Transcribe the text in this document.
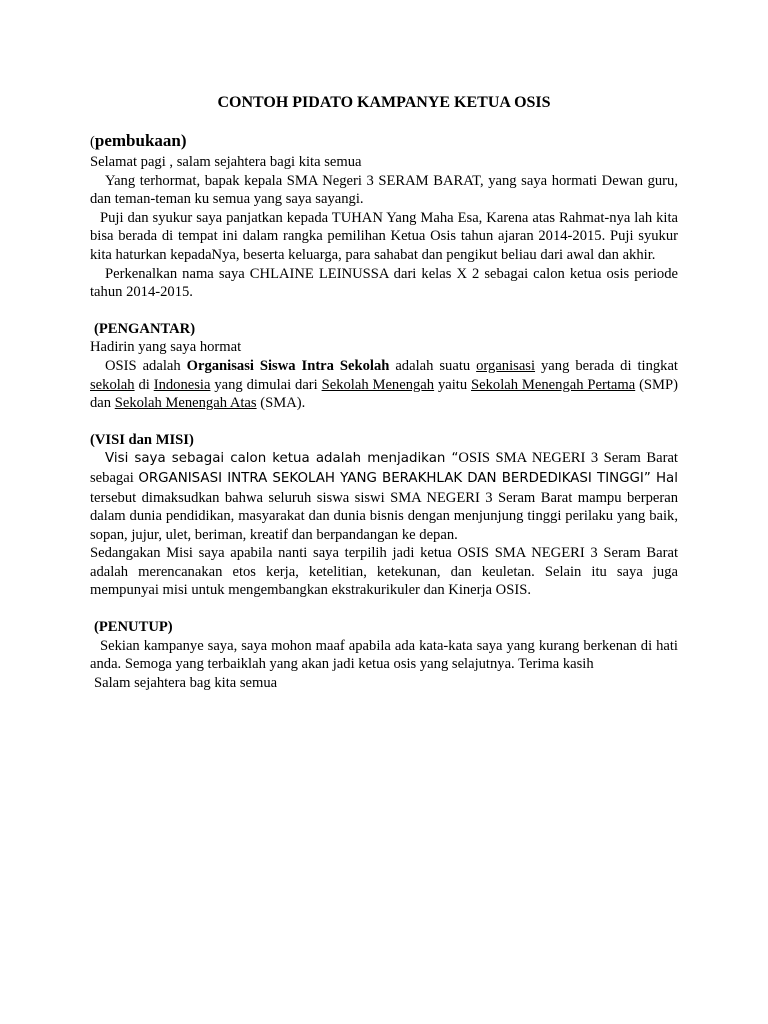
CONTOH PIDATO KAMPANYE KETUA OSIS

(pembukaan)

Selamat pagi , salam sejahtera bagi kita semua

Yang terhormat, bapak kepala SMA Negeri 3 SERAM BARAT, yang saya hormati Dewan guru, dan teman-teman ku semua yang saya sayangi.

Puji dan syukur saya panjatkan kepada TUHAN Yang Maha Esa, Karena atas Rahmat-nya lah kita bisa berada di tempat ini dalam rangka pemilihan Ketua Osis tahun ajaran 2014-2015. Puji syukur kita haturkan kepadaNya, beserta keluarga, para sahabat dan pengikut beliau dari awal dan akhir.

Perkenalkan nama saya CHLAINE LEINUSSA dari kelas X 2 sebagai calon ketua osis periode tahun 2014-2015.

(PENGANTAR)

Hadirin yang saya hormat

OSIS adalah Organisasi Siswa Intra Sekolah adalah suatu organisasi yang berada di tingkat sekolah di Indonesia yang dimulai dari Sekolah Menengah yaitu Sekolah Menengah Pertama (SMP) dan Sekolah Menengah Atas (SMA).

(VISI dan MISI)

Visi saya sebagai calon ketua adalah menjadikan “OSIS SMA NEGERI 3 Seram Barat sebagai ORGANISASI INTRA SEKOLAH YANG BERAKHLAK DAN BERDEDIKASI TINGGI” Hal tersebut dimaksudkan bahwa seluruh siswa siswi SMA NEGERI 3 Seram Barat mampu berperan dalam dunia pendidikan, masyarakat dan dunia bisnis dengan menjunjung tinggi perilaku yang baik, sopan, jujur, ulet, beriman, kreatif dan berpandangan ke depan.

Sedangakan Misi saya apabila nanti saya terpilih jadi ketua OSIS SMA NEGERI 3 Seram Barat adalah merencanakan etos kerja, ketelitian, ketekunan, dan keuletan. Selain itu saya juga mempunyai misi untuk mengembangkan ekstrakurikuler dan Kinerja OSIS.

(PENUTUP)

Sekian kampanye saya, saya mohon maaf apabila ada kata-kata saya yang kurang berkenan di hati anda. Semoga yang terbaiklah yang akan jadi ketua osis yang selajutnya. Terima kasih

Salam sejahtera bag kita semua
